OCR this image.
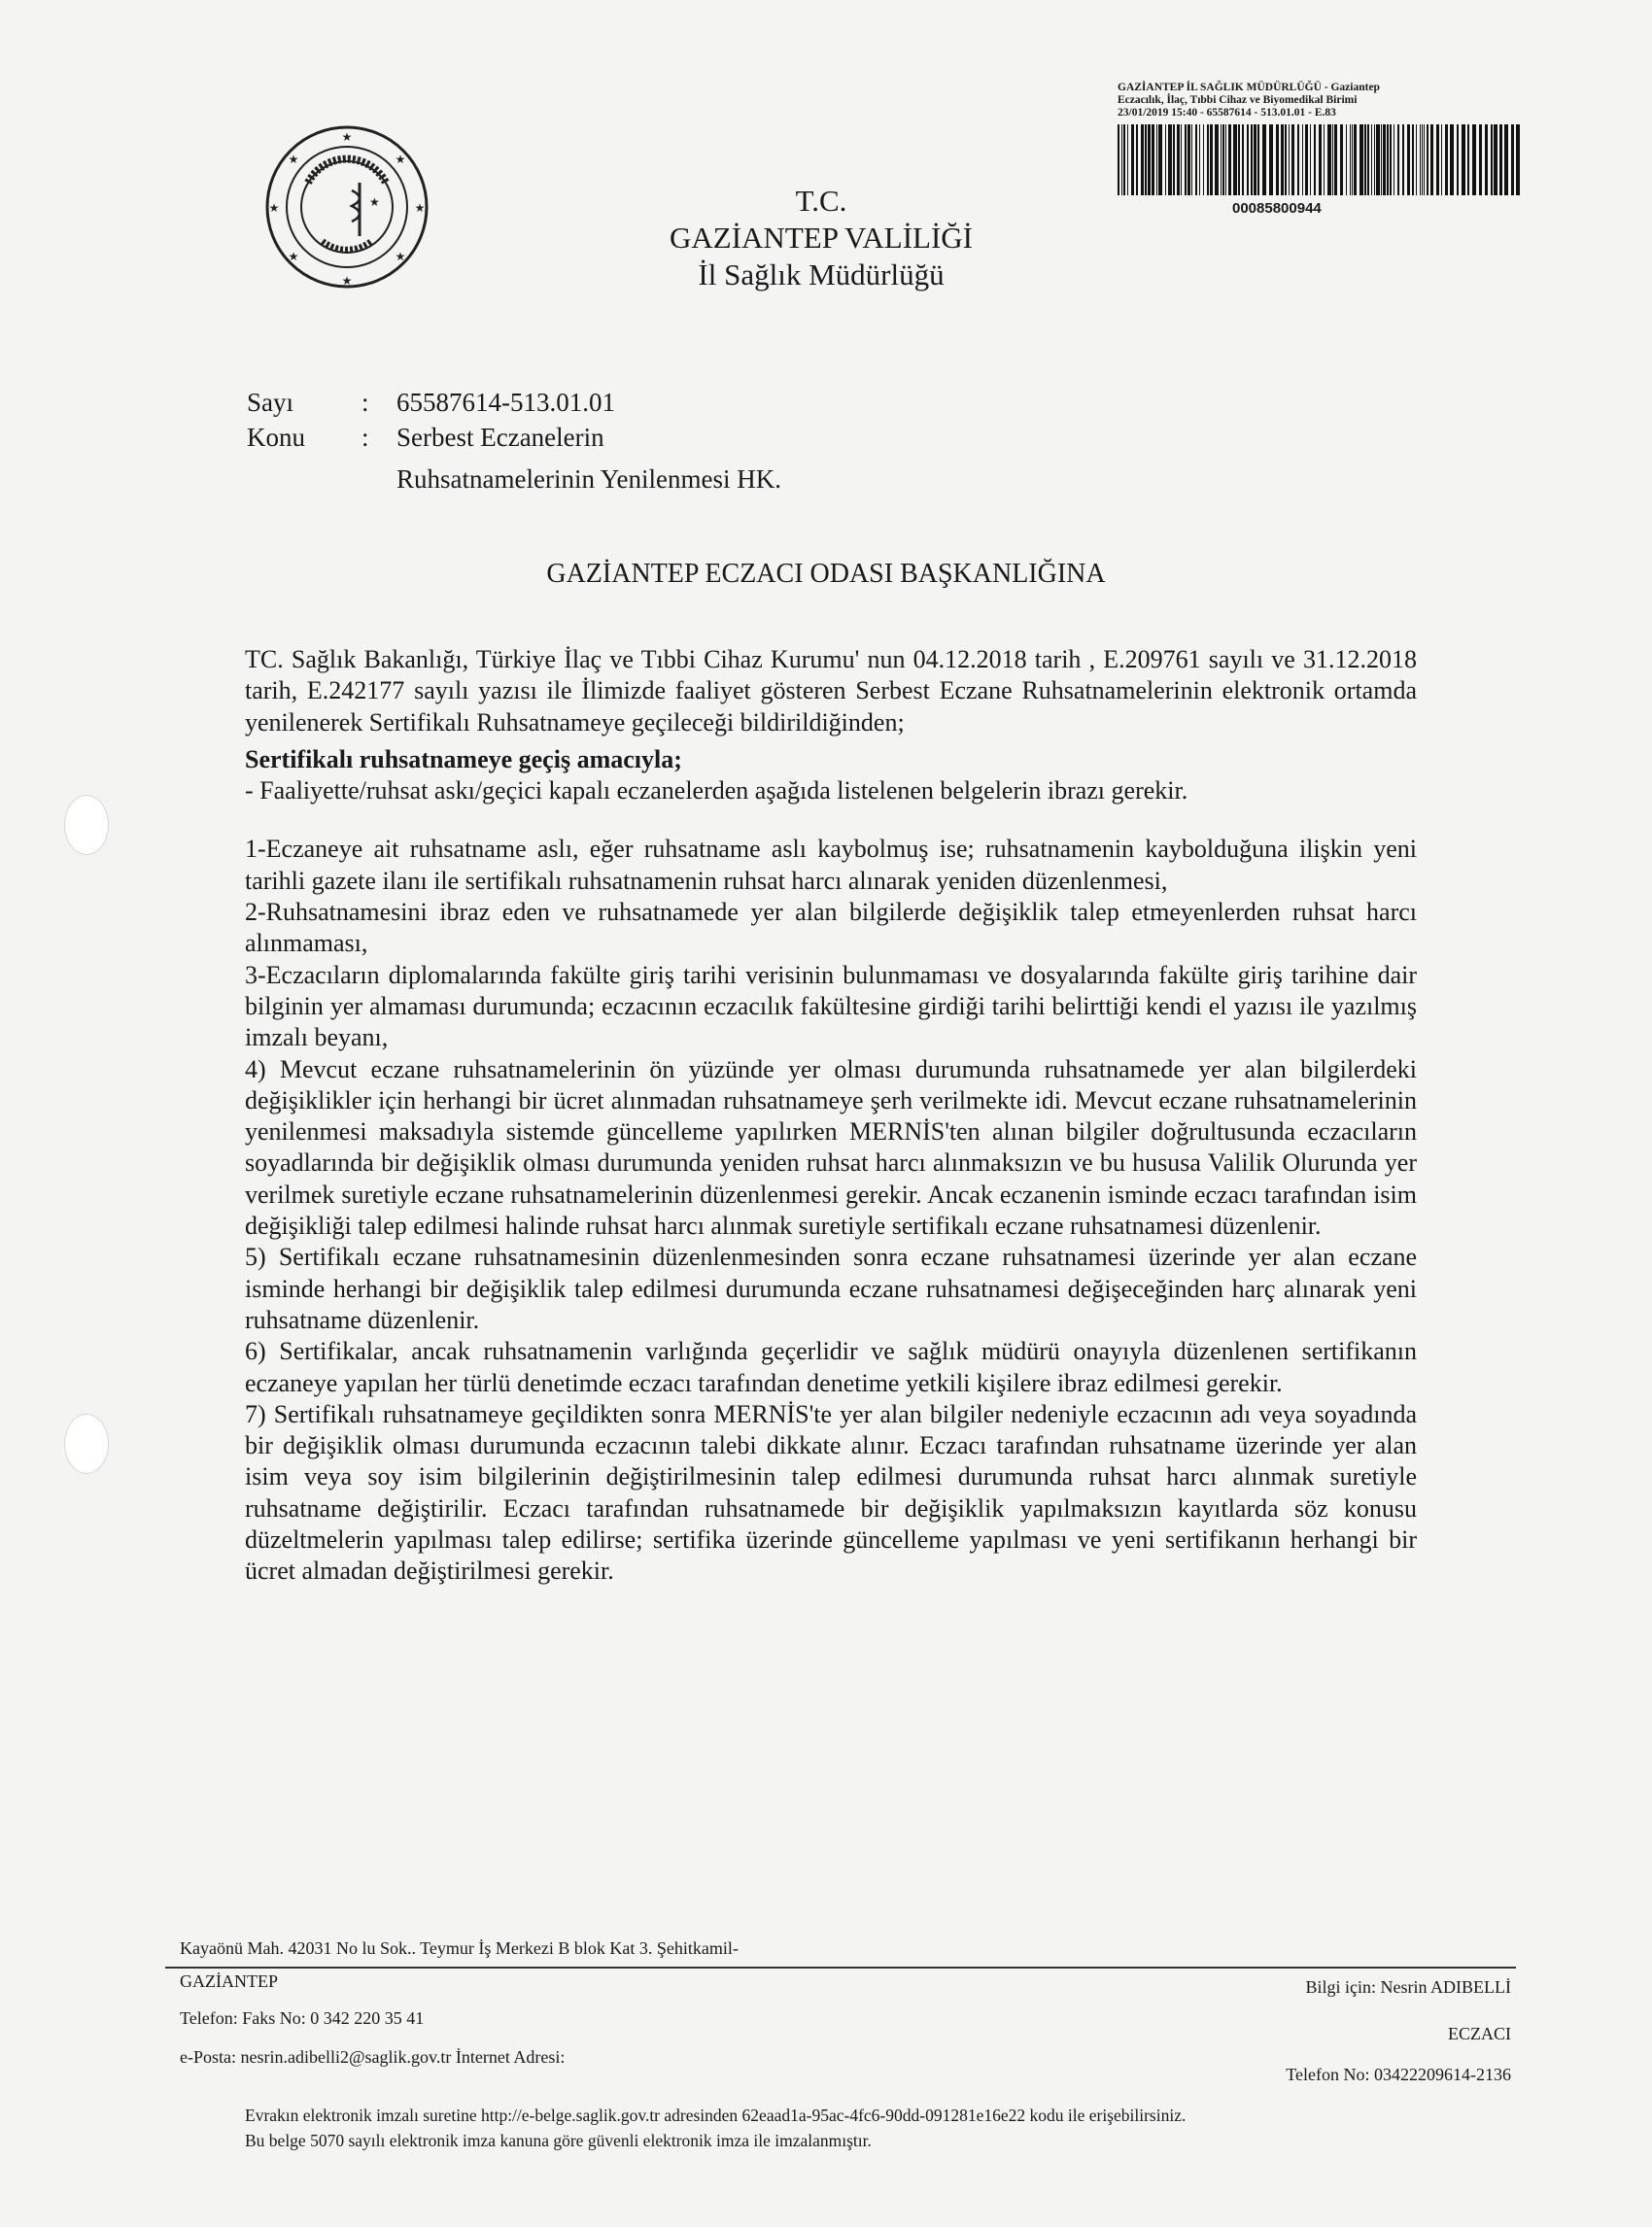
★
★
★
★
★
★
★
★
★
GAZİANTEP İL SAĞLIK MÜDÜRLÜĞÜ - Gaziantep
Eczacılık, İlaç, Tıbbi Cihaz ve Biyomedikal Birimi
23/01/2019 15:40 - 65587614 - 513.01.01 - E.83
00085800944
T.C.
GAZİANTEP VALİLİĞİ
İl Sağlık Müdürlüğü
Sayı	: 65587614-513.01.01
Konu	: Serbest Eczanelerin
Ruhsatnamelerinin Yenilenmesi HK.
GAZİANTEP ECZACI ODASI BAŞKANLIĞINA

TC. Sağlık Bakanlığı, Türkiye İlaç ve Tıbbi Cihaz Kurumu' nun 04.12.2018 tarih , E.209761 sayılı ve 31.12.2018 tarih, E.242177 sayılı yazısı ile İlimizde faaliyet gösteren Serbest Eczane Ruhsatnamelerinin elektronik ortamda yenilenerek Sertifikalı Ruhsatnameye geçileceği bildirildiğinden;

Sertifikalı ruhsatnameye geçiş amacıyla;

- Faaliyette/ruhsat askı/geçici kapalı eczanelerden aşağıda listelenen belgelerin ibrazı gerekir.

1-Eczaneye ait ruhsatname aslı, eğer ruhsatname aslı kaybolmuş ise; ruhsatnamenin kaybolduğuna ilişkin yeni tarihli gazete ilanı ile sertifikalı ruhsatnamenin ruhsat harcı alınarak yeniden düzenlenmesi,

2-Ruhsatnamesini ibraz eden ve ruhsatnamede yer alan bilgilerde değişiklik talep etmeyenlerden ruhsat harcı alınmaması,

3-Eczacıların diplomalarında fakülte giriş tarihi verisinin bulunmaması ve dosyalarında fakülte giriş tarihine dair bilginin yer almaması durumunda; eczacının eczacılık fakültesine girdiği tarihi belirttiği kendi el yazısı ile yazılmış imzalı beyanı,

4) Mevcut eczane ruhsatnamelerinin ön yüzünde yer olması durumunda ruhsatnamede yer alan bilgilerdeki değişiklikler için herhangi bir ücret alınmadan ruhsatnameye şerh verilmekte idi. Mevcut eczane ruhsatnamelerinin yenilenmesi maksadıyla sistemde güncelleme yapılırken MERNİS'ten alınan bilgiler doğrultusunda eczacıların soyadlarında bir değişiklik olması durumunda yeniden ruhsat harcı alınmaksızın ve bu hususa Valilik Olurunda yer verilmek suretiyle eczane ruhsatnamelerinin düzenlenmesi gerekir. Ancak eczanenin isminde eczacı tarafından isim değişikliği talep edilmesi halinde ruhsat harcı alınmak suretiyle sertifikalı eczane ruhsatnamesi düzenlenir.

5) Sertifikalı eczane ruhsatnamesinin düzenlenmesinden sonra eczane ruhsatnamesi üzerinde yer alan eczane isminde herhangi bir değişiklik talep edilmesi durumunda eczane ruhsatnamesi değişeceğinden harç alınarak yeni ruhsatname düzenlenir.

6) Sertifikalar, ancak ruhsatnamenin varlığında geçerlidir ve sağlık müdürü onayıyla düzenlenen sertifikanın eczaneye yapılan her türlü denetimde eczacı tarafından denetime yetkili kişilere ibraz edilmesi gerekir.

7) Sertifikalı ruhsatnameye geçildikten sonra MERNİS'te yer alan bilgiler nedeniyle eczacının adı veya soyadında bir değişiklik olması durumunda eczacının talebi dikkate alınır. Eczacı tarafından ruhsatname üzerinde yer alan isim veya soy isim bilgilerinin değiştirilmesinin talep edilmesi durumunda ruhsat harcı alınmak suretiyle ruhsatname değiştirilir. Eczacı tarafından ruhsatnamede bir değişiklik yapılmaksızın kayıtlarda söz konusu düzeltmelerin yapılması talep edilirse; sertifika üzerinde güncelleme yapılması ve yeni sertifikanın herhangi bir ücret almadan değiştirilmesi gerekir.

Kayaönü Mah. 42031 No lu Sok.. Teymur İş Merkezi B blok Kat 3. Şehitkamil-
GAZİANTEP
Telefon: Faks No: 0 342 220 35 41
e-Posta: nesrin.adibelli2@saglik.gov.tr İnternet Adresi:
Bilgi için: Nesrin ADIBELLİ
ECZACI
Telefon No: 03422209614-2136
Evrakın elektronik imzalı suretine http://e-belge.saglik.gov.tr adresinden 62eaad1a-95ac-4fc6-90dd-091281e16e22 kodu ile erişebilirsiniz.
Bu belge 5070 sayılı elektronik imza kanuna göre güvenli elektronik imza ile imzalanmıştır.
